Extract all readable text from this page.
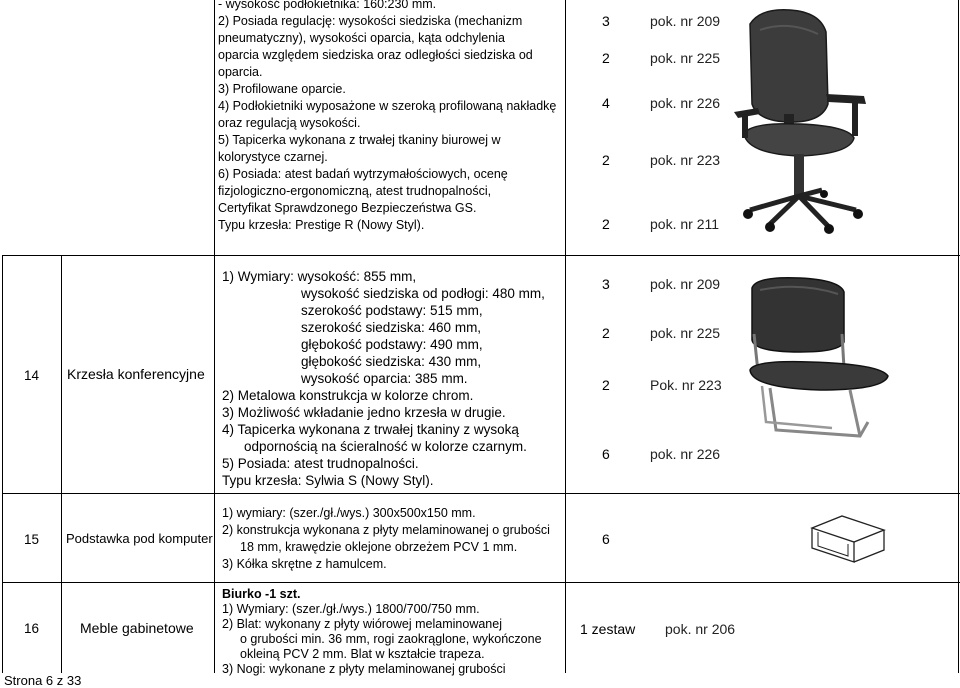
- wysokość podłokietnika: 160:230 mm.
2) Posiada regulację: wysokości siedziska (mechanizm
pneumatyczny), wysokości oparcia, kąta odchylenia
oparcia względem siedziska oraz odległości siedziska od
oparcia.
3) Profilowane oparcie.
4) Podłokietniki wyposażone w szeroką profilowaną nakładkę
oraz regulacją wysokości.
5) Tapicerka wykonana z trwałej tkaniny biurowej w
kolorystyce czarnej.
6) Posiada: atest badań wytrzymałościowych, ocenę
fizjologiczno-ergonomiczną, atest trudnopalności,
Certyfikat Sprawdzonego Bezpieczeństwa GS.
Typu krzesła: Prestige R (Nowy Styl).
3	pok. nr 209
2	pok. nr 225
4	pok. nr 226
2	pok. nr 223
2	pok. nr 211
14 Krzesła konferencyjne
1) Wymiary: wysokość: 855 mm,
wysokość siedziska od podłogi: 480 mm,
szerokość podstawy: 515 mm,
szerokość siedziska: 460 mm,
głębokość podstawy: 490 mm,
głębokość siedziska: 430 mm,
wysokość oparcia: 385 mm.
2) Metalowa konstrukcja w kolorze chrom.
3) Możliwość wkładanie jedno krzesła w drugie.
4) Tapicerka wykonana z trwałej tkaniny z wysoką
odpornością na ścieralność w kolorze czarnym.
5) Posiada: atest trudnopalności.
Typu krzesła: Sylwia S (Nowy Styl).
3	pok. nr 209
2	pok. nr 225
2	Pok. nr 223
6	pok. nr 226
15 Podstawka pod komputer
1) wymiary: (szer./gł./wys.) 300x500x150 mm.
2) konstrukcja wykonana z płyty melaminowanej o grubości
18 mm, krawędzie oklejone obrzeżem PCV 1 mm.
3) Kółka skrętne z hamulcem.
6
16	Meble gabinetowe
Biurko -1 szt.
1) Wymiary: (szer./gł./wys.) 1800/700/750 mm.
2) Blat: wykonany z płyty wiórowej melaminowanej
o grubości min. 36 mm, rogi zaokrąglone, wykończone
okleiną PCV 2 mm. Blat w kształcie trapeza.
3) Nogi: wykonane z płyty melaminowanej grubości
1 zestaw pok. nr 206
Strona 6 z 33
